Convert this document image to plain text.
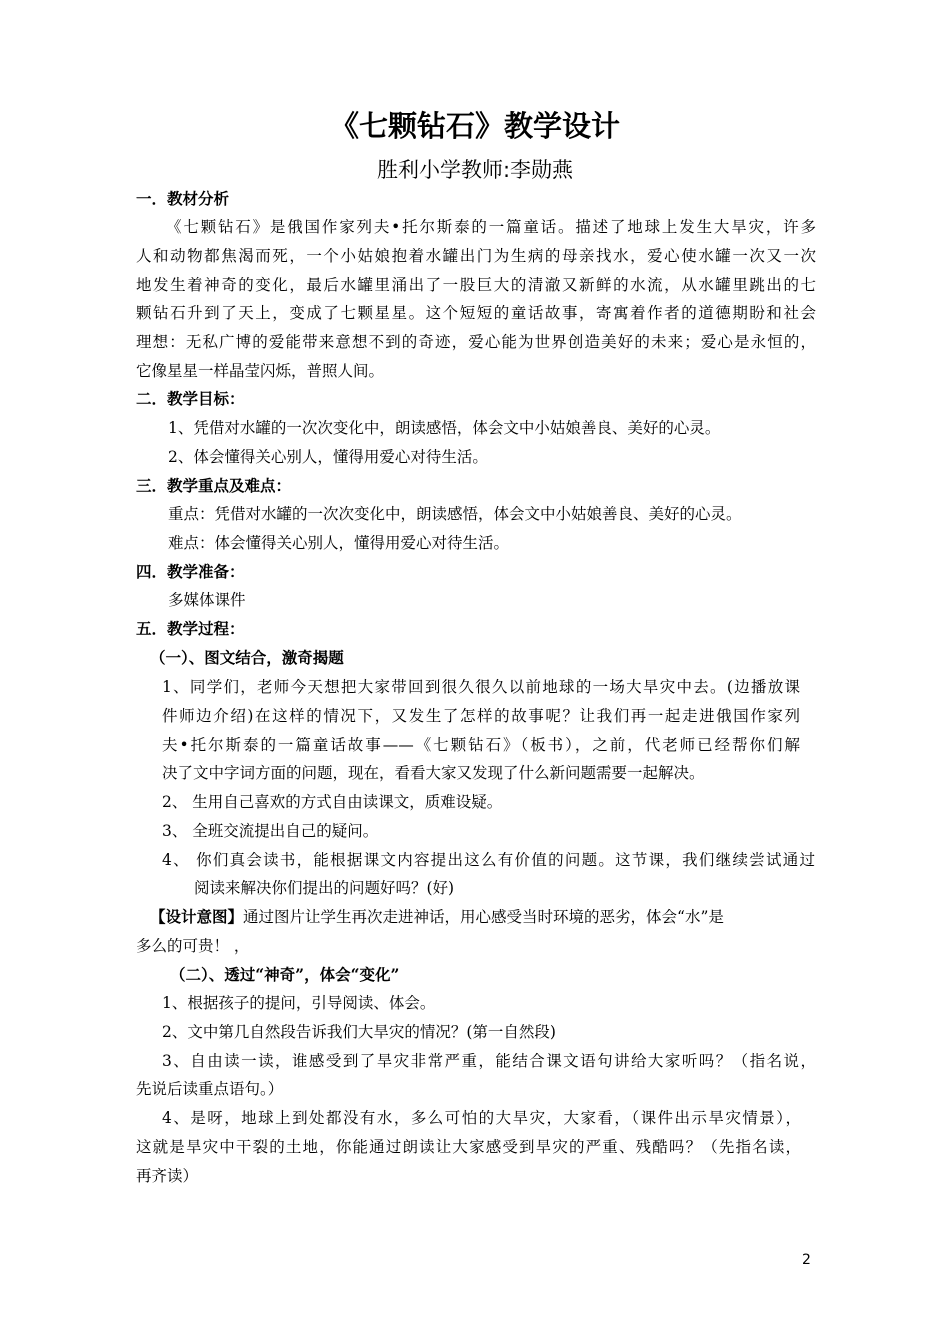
《七颗钻石》教学设计
胜利小学教师:李勋燕
一．教材分析
《七颗钻石》是俄国作家列夫•托尔斯泰的一篇童话。描述了地球上发生大旱灾，许多
人和动物都焦渴而死，一个小姑娘抱着水罐出门为生病的母亲找水，爱心使水罐一次又一次
地发生着神奇的变化，最后水罐里涌出了一股巨大的清澈又新鲜的水流，从水罐里跳出的七
颗钻石升到了天上，变成了七颗星星。这个短短的童话故事，寄寓着作者的道德期盼和社会
理想：无私广博的爱能带来意想不到的奇迹，爱心能为世界创造美好的未来；爱心是永恒的，
它像星星一样晶莹闪烁，普照人间。
二．教学目标：
1、凭借对水罐的一次次变化中，朗读感悟，体会文中小姑娘善良、美好的心灵。
2、体会懂得关心别人，懂得用爱心对待生活。
三．教学重点及难点：
重点：凭借对水罐的一次次变化中，朗读感悟，体会文中小姑娘善良、美好的心灵。
难点：体会懂得关心别人，懂得用爱心对待生活。
四．教学准备：
多媒体课件
五．教学过程：
（一）、图文结合，激奇揭题
1、同学们，老师今天想把大家带回到很久很久以前地球的一场大旱灾中去。(边播放课
件师边介绍)在这样的情况下，又发生了怎样的故事呢？让我们再一起走进俄国作家列
夫•托尔斯泰的一篇童话故事——《七颗钻石》（板书），之前，代老师已经帮你们解
决了文中字词方面的问题，现在，看看大家又发现了什么新问题需要一起解决。
2、 生用自己喜欢的方式自由读课文，质难设疑。
3、 全班交流提出自己的疑问。
4、 你们真会读书，能根据课文内容提出这么有价值的问题。这节课，我们继续尝试通过
阅读来解决你们提出的问题好吗？(好)
【设计意图】通过图片让学生再次走进神话，用心感受当时环境的恶劣，体会“水”是
多么的可贵！ ，
（二）、透过“神奇”，体会“变化”
1、根据孩子的提问，引导阅读、体会。
2、文中第几自然段告诉我们大旱灾的情况？(第一自然段)
3、自由读一读，谁感受到了旱灾非常严重，能结合课文语句讲给大家听吗？（指名说，
先说后读重点语句。）
4、是呀，地球上到处都没有水，多么可怕的大旱灾，大家看，（课件出示旱灾情景），
这就是旱灾中干裂的土地，你能通过朗读让大家感受到旱灾的严重、残酷吗？（先指名读，
再齐读）
2
